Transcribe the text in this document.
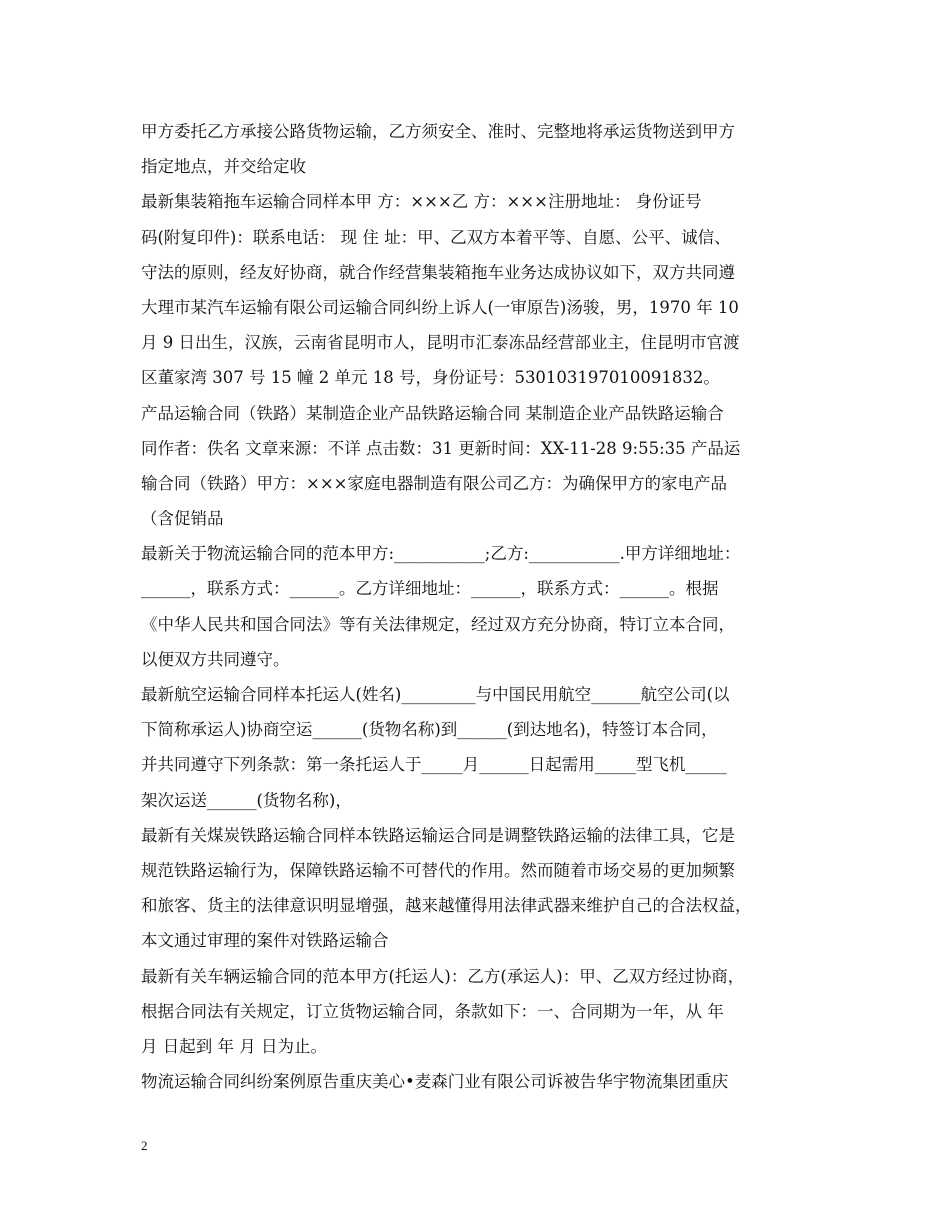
甲方委托乙方承接公路货物运输，乙方须安全、准时、完整地将承运货物送到甲方
指定地点，并交给定收
最新集装箱拖车运输合同样本甲 方：×××乙 方：×××注册地址： 身份证号
码(附复印件)：联系电话： 现 住 址：甲、乙双方本着平等、自愿、公平、诚信、
守法的原则，经友好协商，就合作经营集装箱拖车业务达成协议如下，双方共同遵
大理市某汽车运输有限公司运输合同纠纷上诉人(一审原告)汤骏，男，1970 年 10
月 9 日出生，汉族，云南省昆明市人，昆明市汇泰冻品经营部业主，住昆明市官渡
区董家湾 307 号 15 幢 2 单元 18 号，身份证号：530103197010091832。
产品运输合同（铁路）某制造企业产品铁路运输合同 某制造企业产品铁路运输合
同作者：佚名 文章来源：不详 点击数：31 更新时间：XX-11-28 9:55:35 产品运
输合同（铁路）甲方：×××家庭电器制造有限公司乙方：为确保甲方的家电产品
（含促销品
最新关于物流运输合同的范本甲方:___________;乙方:___________.甲方详细地址：
______，联系方式：______。乙方详细地址：______，联系方式：______。根据
《中华人民共和国合同法》等有关法律规定，经过双方充分协商，特订立本合同，
以便双方共同遵守。
最新航空运输合同样本托运人(姓名)_________与中国民用航空______航空公司(以
下简称承运人)协商空运______(货物名称)到______(到达地名)，特签订本合同，
并共同遵守下列条款：第一条托运人于_____月______日起需用_____型飞机_____
架次运送______(货物名称)，
最新有关煤炭铁路运输合同样本铁路运输运合同是调整铁路运输的法律工具，它是
规范铁路运输行为，保障铁路运输不可替代的作用。然而随着市场交易的更加频繁
和旅客、货主的法律意识明显增强，越来越懂得用法律武器来维护自己的合法权益，
本文通过审理的案件对铁路运输合
最新有关车辆运输合同的范本甲方(托运人)：乙方(承运人)：甲、乙双方经过协商，
根据合同法有关规定，订立货物运输合同，条款如下：一、合同期为一年，从 年
月 日起到 年 月 日为止。
物流运输合同纠纷案例原告重庆美心•麦森门业有限公司诉被告华宇物流集团重庆
2
